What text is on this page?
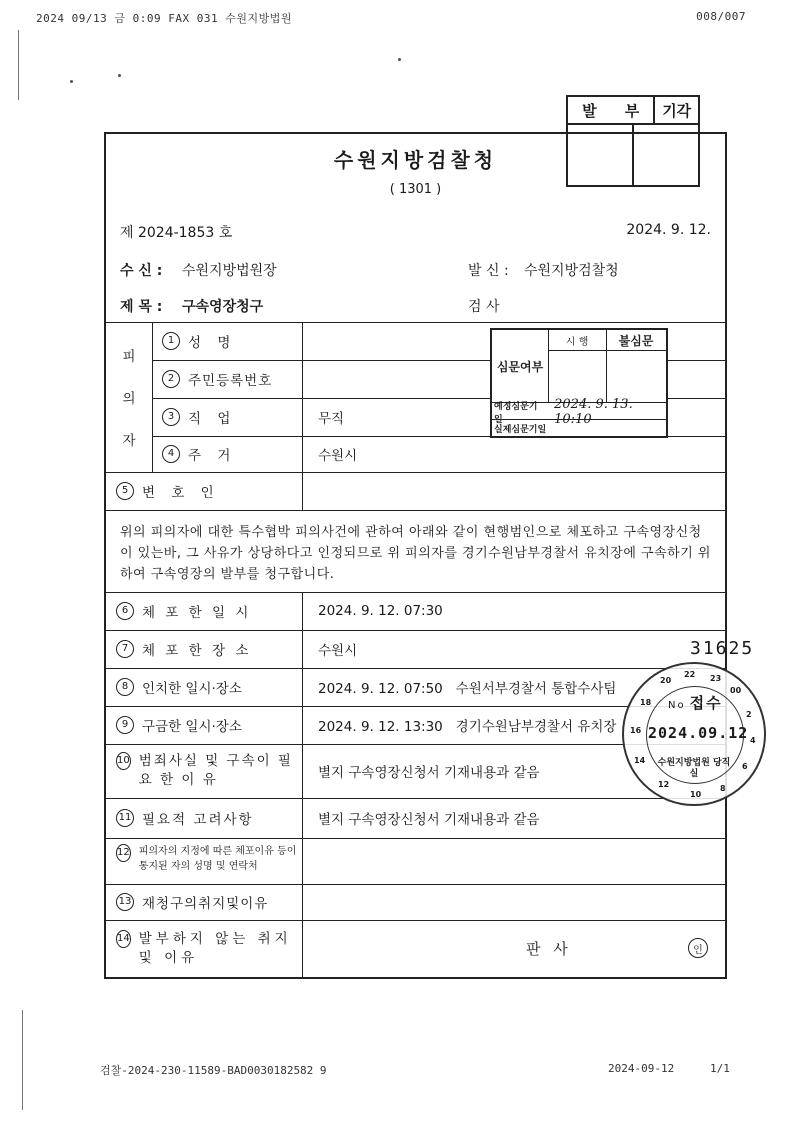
2024 09/13 금 0:09 FAX 031 수원지방법원	008/007
발	부	기각
수원지방검찰청
( 1301 )
제 2024-1853 호	2024. 9. 12.
수 신 : 수원지방법원장	발 신 : 수원지방검찰청
제 목 : 구속영장청구	검 사
피
의
자
1	성 명
2	주민등록번호
3	직 업	무직
4	주 거	수원시
5	변 호 인
위의 피의자에 대한 특수협박 피의사건에 관하여 아래와 같이 현행범인으로 체포하고 구속영장신청이 있는바, 그 사유가 상당하다고 인정되므로 위 피의자를 경기수원남부경찰서 유치장에 구속하기 위하여 구속영장의 발부를 청구합니다.
6	체 포 한 일 시	2024. 9. 12. 07:30
7	체 포 한 장 소	수원시
8	인치한 일시·장소	2024. 9. 12. 07:50   수원서부경찰서 통합수사팀
9	구금한 일시·장소	2024. 9. 12. 13:30   경기수원남부경찰서 유치장
10 범죄사실 및 구속이 필 요 한 이 유	별지 구속영장신청서 기재내용과 같음
11 필요적 고려사항	별지 구속영장신청서 기재내용과 같음
12 피의자의 지정에 따른 체포이유 등이 통지된 자의 성명 및 연락처
13 재청구의취지및이유
14 발부하지 않는 취지 및 이유	판 사	인
심문여부
시 행	불심문
예정심문기일
2024. 9. 13. 10:10
실제심문기일
31625
No 접수
2024.09.12
수원지방법원 당직실
22 23
00
2
4
6
8
10
12
14
16
18
20
검찰-2024-230-11589-BAD0030182582 9	2024-09-12	1/1
